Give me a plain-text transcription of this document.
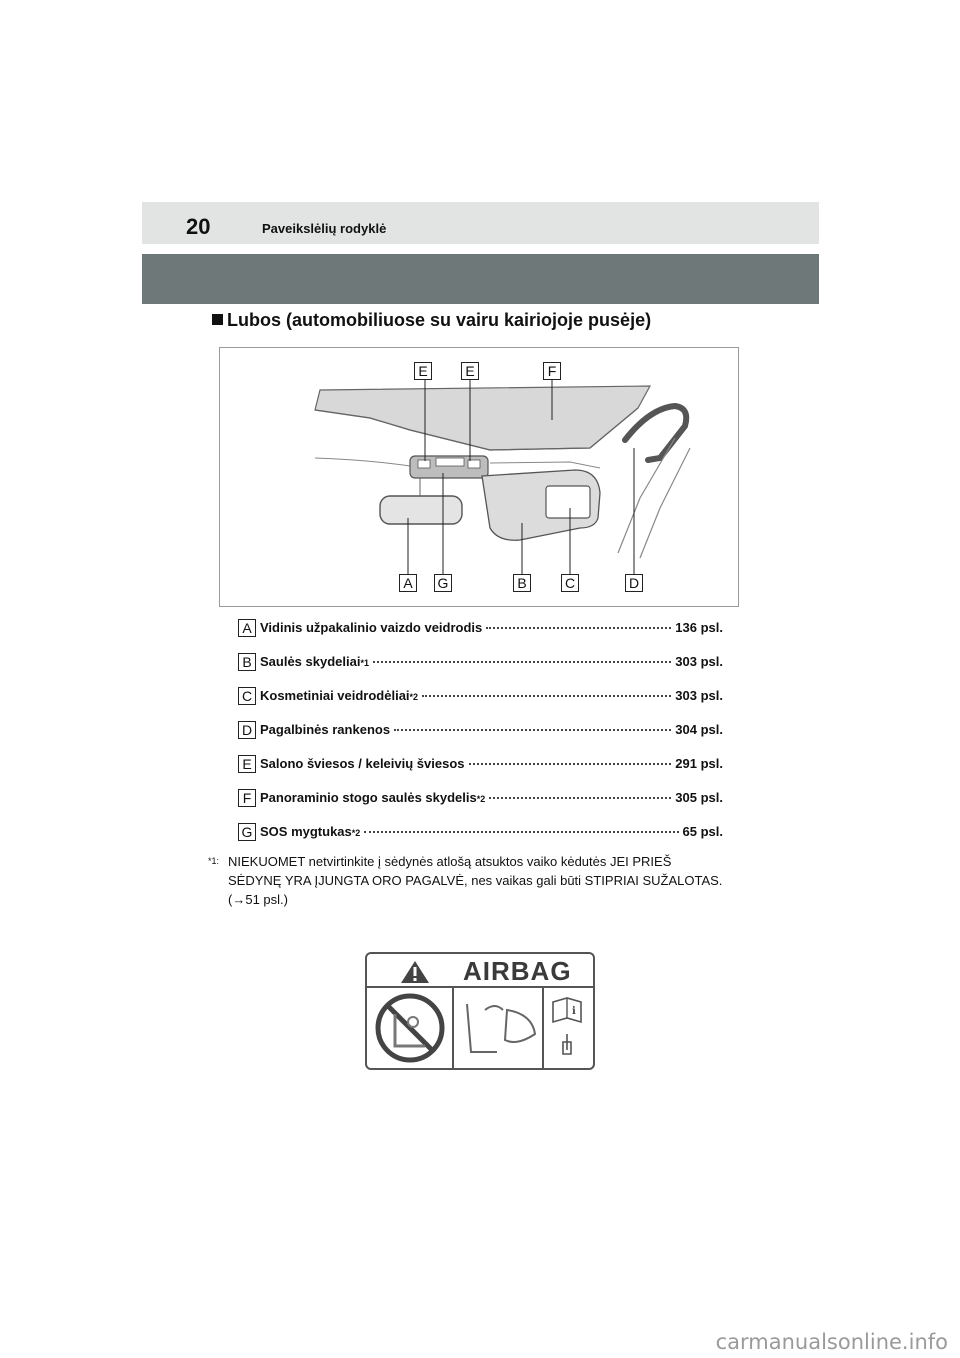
20	Paveikslėlių rodyklė
Lubos (automobiliuose su vairu kairiojoje pusėje)
E	E	F
A	G	B	C	D
A Vidinis užpakalinio vaizdo veidrodis	136 psl.
B Saulės skydeliai *1	303 psl.
C Kosmetiniai veidrodėliai *2	303 psl.
D Pagalbinės rankenos	304 psl.
E Salono šviesos / keleivių šviesos	291 psl.
F Panoraminio stogo saulės skydelis *2	305 psl.
G SOS mygtukas *2	65 psl.
$^{*1:}$ NIEKUOMET netvirtinkite į sėdynės atlošą atsuktos vaiko kėdutės JEI PRIEŠ SĖDYNĘ YRA ĮJUNGTA ORO PAGALVĖ, nes vaikas gali būti STIPRIAI SUŽALOTAS. (→51 psl.)
i
AIRBAG
carmanualsonline.info
